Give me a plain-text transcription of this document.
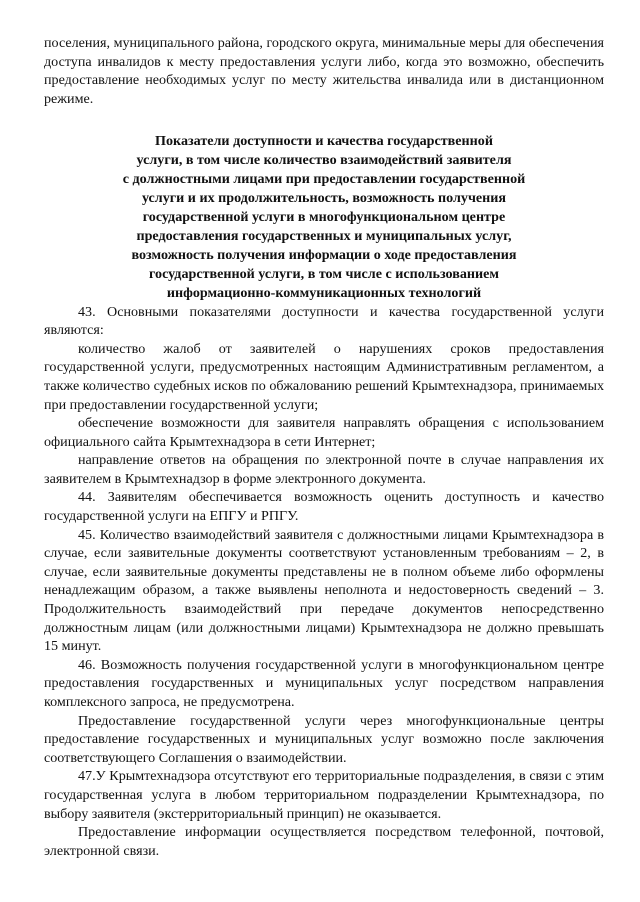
поселения, муниципального района, городского округа, минимальные меры для обеспечения доступа инвалидов к месту предоставления услуги либо, когда это возможно, обеспечить предоставление необходимых услуг по месту жительства инвалида или в дистанционном режиме.

Показатели доступности и качества государственной
услуги, в том числе количество взаимодействий заявителя
с должностными лицами при предоставлении государственной
услуги и их продолжительность, возможность получения
государственной услуги в многофункциональном центре
предоставления государственных и муниципальных услуг,
возможность получения информации о ходе предоставления
государственной услуги, в том числе с использованием
информационно-коммуникационных технологий

43. Основными показателями доступности и качества государственной услуги являются:

количество жалоб от заявителей о нарушениях сроков предоставления государственной услуги, предусмотренных настоящим Административным регламентом, а также количество судебных исков по обжалованию решений Крымтехнадзора, принимаемых при предоставлении государственной услуги;

обеспечение возможности для заявителя направлять обращения с использованием официального сайта Крымтехнадзора в сети Интернет;

направление ответов на обращения по электронной почте в случае направления их заявителем в Крымтехнадзор в форме электронного документа.

44. Заявителям обеспечивается возможность оценить доступность и качество государственной услуги на ЕПГУ и РПГУ.

45. Количество взаимодействий заявителя с должностными лицами Крымтехнадзора в случае, если заявительные документы соответствуют установленным требованиям – 2, в случае, если заявительные документы представлены не в полном объеме либо оформлены ненадлежащим образом, а также выявлены неполнота и недостоверность сведений – 3. Продолжительность взаимодействий при передаче документов непосредственно должностным лицам (или должностными лицами) Крымтехнадзора не должно превышать 15 минут.

46. Возможность получения государственной услуги в многофункциональном центре предоставления государственных и муниципальных услуг посредством направления комплексного запроса, не предусмотрена.

Предоставление государственной услуги через многофункциональные центры предоставление государственных и муниципальных услуг возможно после заключения соответствующего Соглашения о взаимодействии.

47.У Крымтехнадзора отсутствуют его территориальные подразделения, в связи с этим государственная услуга в любом территориальном подразделении Крымтехнадзора, по выбору заявителя (экстерриториальный принцип) не оказывается.

Предоставление информации осуществляется посредством телефонной, почтовой, электронной связи.
